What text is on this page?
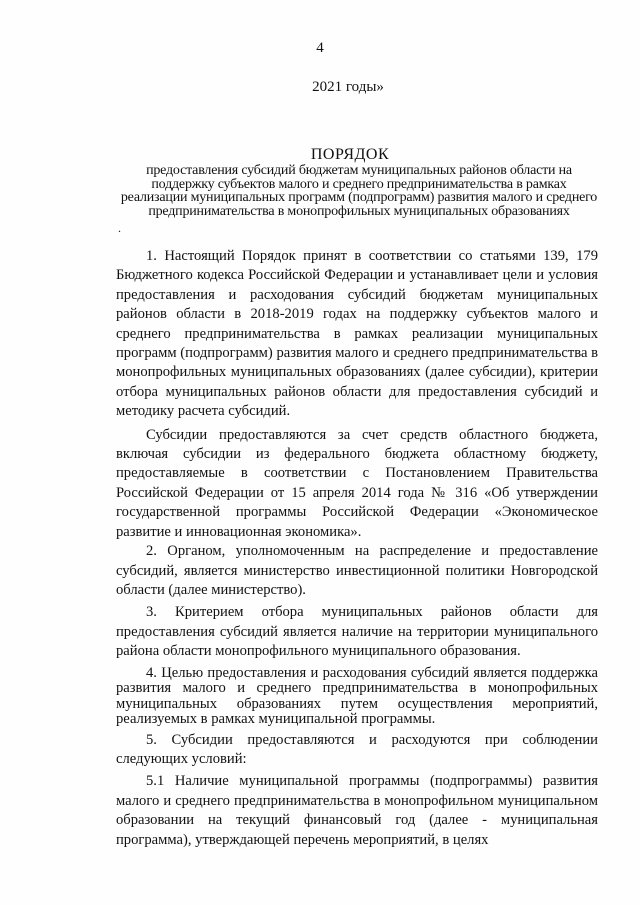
4
2021 годы»
ПОРЯДОК
предоставления субсидий бюджетам муниципальных районов области на поддержку субъектов малого и среднего предпринимательства в рамках реализации муниципальных программ (подпрограмм) развития малого и среднего предпринимательства в монопрофильных муниципальных образованиях
.

1. Настоящий Порядок принят в соответствии со статьями 139, 179 Бюджетного кодекса Российской Федерации и устанавливает цели и условия предоставления и расходования субсидий бюджетам муниципальных районов области в 2018-2019 годах на поддержку субъектов малого и среднего предпринимательства в рамках реализации муниципальных программ (подпрограмм) развития малого и среднего предпринимательства в монопрофильных муниципальных образованиях (далее субсидии), критерии отбора муниципальных районов области для предоставления субсидий и методику расчета субсидий.

Субсидии предоставляются за счет средств областного бюджета, включая субсидии из федерального бюджета областному бюджету, предоставляемые в соответствии с Постановлением Правительства Российской Федерации от 15 апреля 2014 года № 316 «Об утверждении государственной программы Российской Федерации «Экономическое развитие и инновационная экономика».

2. Органом, уполномоченным на распределение и предоставление субсидий, является министерство инвестиционной политики Новгородской области (далее министерство).

3. Критерием отбора муниципальных районов области для предоставления субсидий является наличие на территории муниципального района области монопрофильного муниципального образования.

4. Целью предоставления и расходования субсидий является поддержка развития малого и среднего предпринимательства в монопрофильных муниципальных образованиях путем осуществления мероприятий, реализуемых в рамках муниципальной программы.

5. Субсидии предоставляются и расходуются при соблюдении следующих условий:

5.1 Наличие муниципальной программы (подпрограммы) развития малого и среднего предпринимательства в монопрофильном муниципальном образовании на текущий финансовый год (далее - муниципальная программа), утверждающей перечень мероприятий, в целях
